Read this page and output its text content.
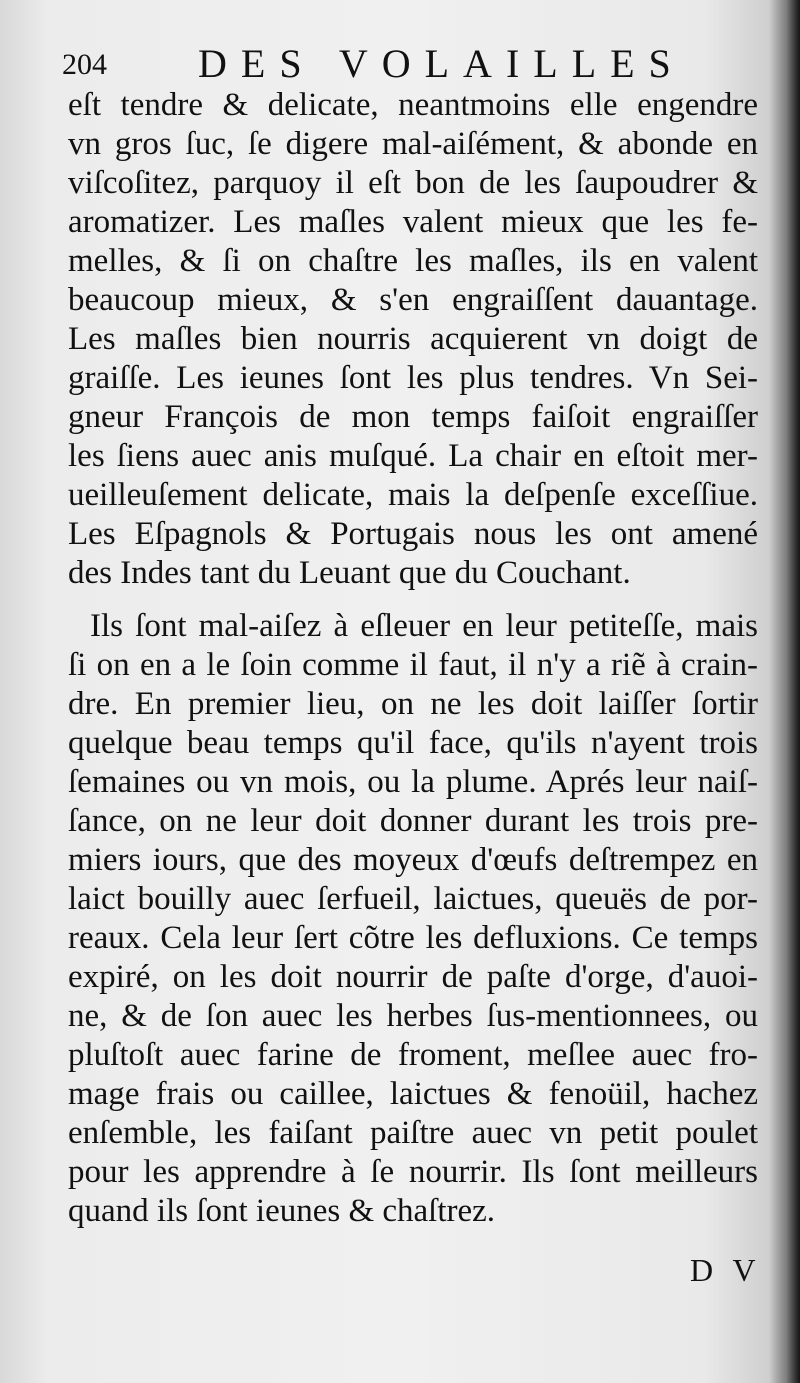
204 DES VOLAILLES
eſt tendre & delicate, neantmoins elle engendre
vn gros ſuc, ſe digere mal-aiſément, & abonde en
viſcoſitez, parquoy il eſt bon de les ſaupoudrer &
aromatizer. Les maſles valent mieux que les fe-
melles, & ſi on chaſtre les maſles, ils en valent
beaucoup mieux, & s'en engraiſſent dauantage.
Les maſles bien nourris acquierent vn doigt de
graiſſe. Les ieunes ſont les plus tendres. Vn Sei-
gneur François de mon temps faiſoit engraiſſer
les ſiens auec anis muſqué. La chair en eſtoit mer-
ueilleuſement delicate, mais la deſpenſe exceſſiue.
Les Eſpagnols & Portugais nous les ont amené
des Indes tant du Leuant que du Couchant.
Ils ſont mal-aiſez à eſleuer en leur petiteſſe, mais
ſi on en a le ſoin comme il faut, il n'y a riẽ à crain-
dre. En premier lieu, on ne les doit laiſſer ſortir
quelque beau temps qu'il face, qu'ils n'ayent trois
ſemaines ou vn mois, ou la plume. Aprés leur naiſ-
ſance, on ne leur doit donner durant les trois pre-
miers iours, que des moyeux d'œufs deſtrempez en
laict bouilly auec ſerfueil, laictues, queuës de por-
reaux. Cela leur ſert cõtre les defluxions. Ce temps
expiré, on les doit nourrir de paſte d'orge, d'auoi-
ne, & de ſon auec les herbes ſus-mentionnees, ou
pluſtoſt auec farine de froment, meſlee auec fro-
mage frais ou caillee, laictues & fenoüil, hachez
enſemble, les faiſant paiſtre auec vn petit poulet
pour les apprendre à ſe nourrir. Ils ſont meilleurs
quand ils ſont ieunes & chaſtrez.
D V
